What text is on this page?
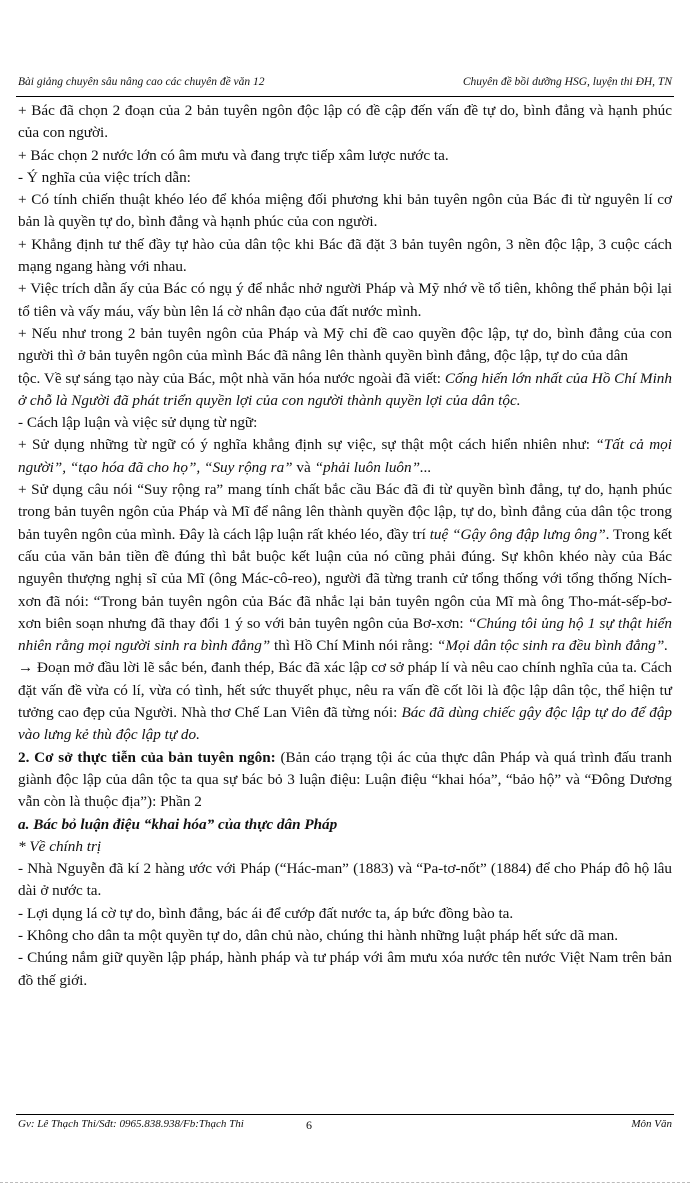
Bài giảng chuyên sâu nâng cao các chuyên đề văn 12	Chuyên đề bồi dưỡng HSG, luyện thi ĐH, TN

+ Bác đã chọn 2 đoạn của 2 bản tuyên ngôn độc lập có đề cập đến vấn đề tự do, bình đẳng và hạnh phúc của con người.

+ Bác chọn 2 nước lớn có âm mưu và đang trực tiếp xâm lược nước ta.

- Ý nghĩa của việc trích dẫn:

+ Có tính chiến thuật khéo léo để khóa miệng đối phương khi bản tuyên ngôn của Bác đi từ nguyên lí cơ bản là quyền tự do, bình đẳng và hạnh phúc của con người.

+ Khẳng định tư thế đầy tự hào của dân tộc khi Bác đã đặt 3 bản tuyên ngôn, 3 nền độc lập, 3 cuộc cách mạng ngang hàng với nhau.

+ Việc trích dẫn ấy của Bác có ngụ ý để nhắc nhở người Pháp và Mỹ nhớ về tổ tiên, không thể phản bội lại tổ tiên và vấy máu, vấy bùn lên lá cờ nhân đạo của đất nước mình.

+ Nếu như trong 2 bản tuyên ngôn của Pháp và Mỹ chỉ đề cao quyền độc lập, tự do, bình đẳng của con người thì ở bản tuyên ngôn của mình Bác đã nâng lên thành quyền bình đẳng, độc lập, tự do của dân

tộc. Về sự sáng tạo này của Bác, một nhà văn hóa nước ngoài đã viết: Cống hiến lớn nhất của Hồ Chí Minh ở chỗ là Người đã phát triển quyền lợi của con người thành quyền lợi của dân tộc.

- Cách lập luận và việc sử dụng từ ngữ:

+ Sử dụng những từ ngữ có ý nghĩa khẳng định sự việc, sự thật một cách hiển nhiên như: “Tất cả mọi người”, “tạo hóa đã cho họ”, “Suy rộng ra” và “phải luôn luôn”...

+ Sử dụng câu nói “Suy rộng ra” mang tính chất bắc cầu Bác đã đi từ quyền bình đẳng, tự do, hạnh phúc trong bản tuyên ngôn của Pháp và Mĩ để nâng lên thành quyền độc lập, tự do, bình đẳng của dân tộc trong bản tuyên ngôn của mình. Đây là cách lập luận rất khéo léo, đầy trí tuệ “Gậy ông đập lưng ông”. Trong kết cấu của văn bản tiền đề đúng thì bắt buộc kết luận của nó cũng phải đúng. Sự khôn khéo này của Bác nguyên thượng nghị sĩ của Mĩ (ông Mác-cô-reo), người đã từng tranh cử tổng thống với tổng thống Ních-xơn đã nói: “Trong bản tuyên ngôn của Bác đã nhắc lại bản tuyên ngôn của Mĩ mà ông Tho-mát-sếp-bơ-xơn biên soạn nhưng đã thay đổi 1 ý so với bản tuyên ngôn của Bơ-xơn: “Chúng tôi ủng hộ 1 sự thật hiển nhiên rằng mọi người sinh ra bình đẳng” thì Hồ Chí Minh nói rằng: “Mọi dân tộc sinh ra đều bình đẳng”.

→ Đoạn mở đầu lời lẽ sắc bén, đanh thép, Bác đã xác lập cơ sở pháp lí và nêu cao chính nghĩa của ta. Cách đặt vấn đề vừa có lí, vừa có tình, hết sức thuyết phục, nêu ra vấn đề cốt lõi là độc lập dân tộc, thể hiện tư tưởng cao đẹp của Người. Nhà thơ Chế Lan Viên đã từng nói: Bác đã dùng chiếc gậy độc lập tự do để đập vào lưng kẻ thù độc lập tự do.

2. Cơ sở thực tiễn của bản tuyên ngôn: (Bản cáo trạng tội ác của thực dân Pháp và quá trình đấu tranh giành độc lập của dân tộc ta qua sự bác bỏ 3 luận điệu: Luận điệu “khai hóa”, “bảo hộ” và “Đông Dương vẫn còn là thuộc địa”): Phần 2

a. Bác bỏ luận điệu “khai hóa” của thực dân Pháp

* Về chính trị

- Nhà Nguyễn đã kí 2 hàng ước với Pháp (“Hác-man” (1883) và “Pa-tơ-nốt” (1884) để cho Pháp đô hộ lâu dài ở nước ta.

- Lợi dụng lá cờ tự do, bình đẳng, bác ái để cướp đất nước ta, áp bức đồng bào ta.

- Không cho dân ta một quyền tự do, dân chủ nào, chúng thi hành những luật pháp hết sức dã man.

- Chúng nắm giữ quyền lập pháp, hành pháp và tư pháp với âm mưu xóa nước tên nước Việt Nam trên bản đồ thế giới.

Gv: Lê Thạch Thi/Sđt: 0965.838.938/Fb:Thạch Thi	6	Môn Văn
